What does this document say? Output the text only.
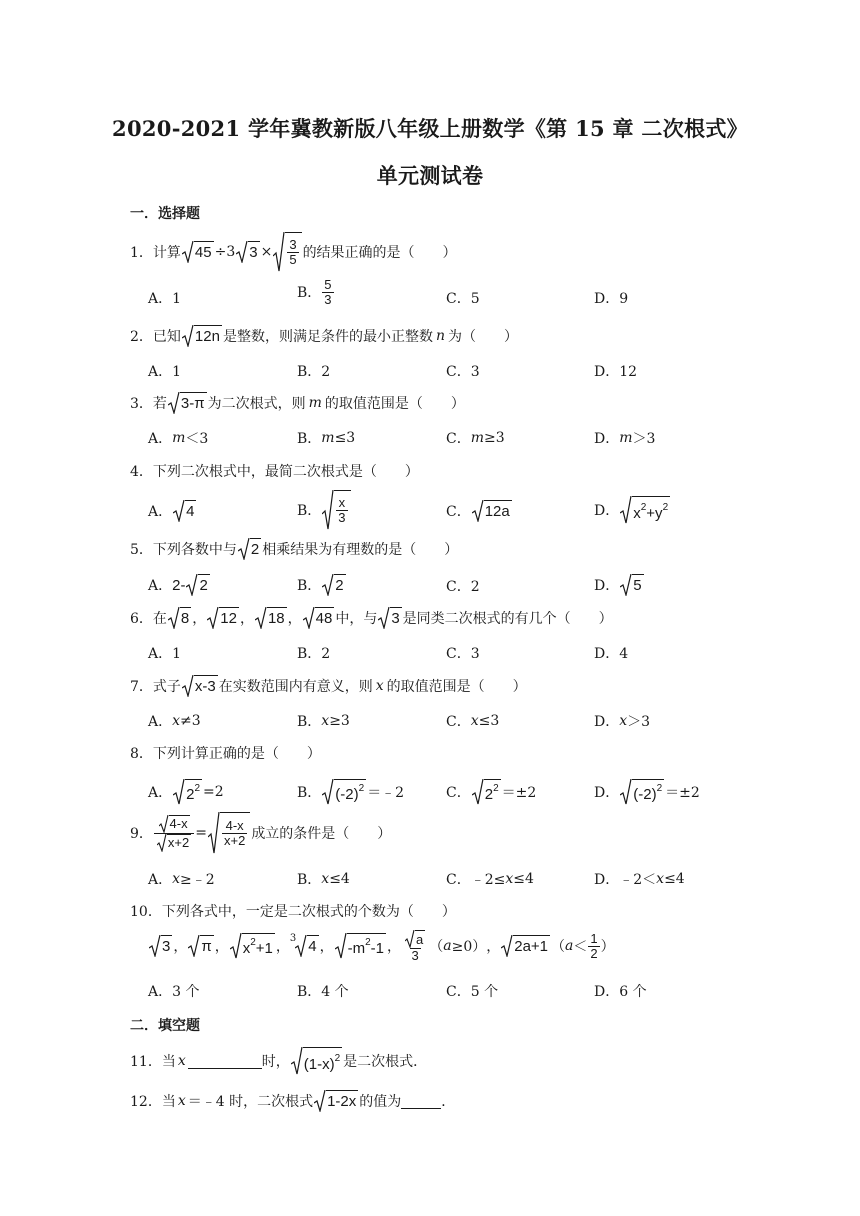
2020-2021 学年冀教新版八年级上册数学《第 15 章 二次根式》
单元测试卷
一．选择题
1． 计算 45 ÷3 $3 \times \frac{3}{5}$ 的结果正确的是（　　）
A．1	B． $\frac{5}{3}$	C．5	D．9
2． 已知 12n 是整数，则满足条件的最小正整数 n 为（　　）
A．1	B．2	C．3	D．12
3． 若 3-π 为二次根式，则 m 的取值范围是（　　）
A． m ＜3	B． m ≤3	C． m ≥3	D． m ＞3
4． 下列二次根式中，最简二次根式是（　　）
A． 4	B． $\frac{x}{3}$	C． 12a	D． x 2 +y 2
5． 下列各数中与 2 相乘结果为有理数的是（　　）
A． 2- 2	B． 2	C．2	D． 5
6． 在 8 ， 12 ， 18 ， 48 中，与 3 是同类二次根式的有几个（　　）
A．1	B．2	C．3	D．4
7． 式子 x-3 在实数范围内有意义，则 x 的取值范围是（　　）
A． x ≠3	B． x ≥3	C． x ≤3	D． x ＞3
8． 下列计算正确的是（　　）
A． 2 2 =2	B． (-2) 2 ＝﹣2	C． 2 2 ＝±2	D． (-2) 2 ＝±2
9． $\frac{4-x}{x+2} = \frac{4-x}{x+2}$ 成立的条件是（　　）
A． x ≥﹣2	B． x ≤4	C． ﹣2≤ x ≤4	D． ﹣2＜ x ≤4
10． 下列各式中，一定是二次根式的个数为（　　）
3 ， π ， x 2 +1 ，
3 4 ， -m 2 -1 ， $\frac{a}{3}$ （ a ≥0） ， 2a+1 （ $a < \frac{1}{2}$ ）
A．3 个	B．4 个	C．5 个	D．6 个
二．填空题
11． 当 x	时， (1-x) 2 是二次根式．
12． 当 x ＝﹣4 时，二次根式 1-2x 的值为	．
